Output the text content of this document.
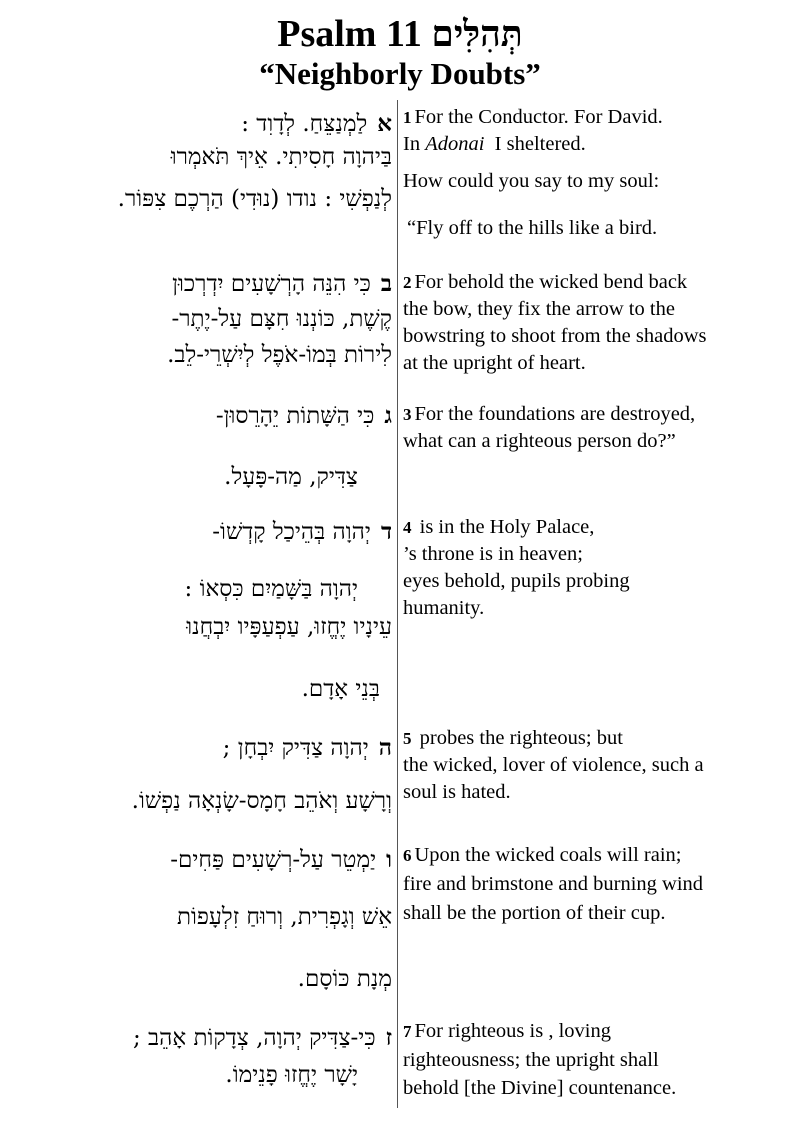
Psalm 11 תְּהִלִּים
“Neighborly Doubts”
אלַמְנַצֵּחַ. לְדָוִד :
בַּיהוָה חָסִיתִי. אֵיךְ תֹּאמְרוּ
לְנַפְשִׁי : נודו (נוּדִי) הַרְכֶם צִפּוֹר.
1 For the Conductor. For David.
In Adonai I sheltered.
How could you say to my soul:
“Fly off to the hills like a bird.
בכִּי הִנֵּה הָרְשָׁעִים יִדְרְכוּן
קֶשֶׁת, כּוֹנְנוּ חִצָּם עַל-יֶתֶר-
לִירוֹת בְּמוֹ-אֹפֶל לְיִשְׁרֵי-לֵב.
2 For behold the wicked bend back
the bow, they fix the arrow to the
bowstring to shoot from the shadows
at the upright of heart.
גכִּי הַשָּׁתוֹת יֵהָרֵסוּן-
צַדִּיק, מַה-פָּעָל.
3 For the foundations are destroyed,
what can a righteous person do?”
דיְהוָה בְּהֵיכַל קָדְשׁוֹ-
יְהוָה בַּשָּׁמַיִם כִּסְאוֹ :
עֵינָיו יֶחֱזוּ, עַפְעַפָּיו יִבְחֲנוּ
בְּנֵי אָדָם.
4 is in the Holy Palace,
’s throne is in heaven;
eyes behold, pupils probing
humanity.
היְהוָה צַדִּיק יִבְחָן ;
וְרָשָׁע וְאֹהֵב חָמָס-שָׂנְאָה נַפְשׁוֹ.
5 probes the righteous; but
the wicked, lover of violence, such a
soul is hated.
ויַמְטֵר עַל-רְשָׁעִים פַּחִים-
אֵשׁ וְגָפְרִית, וְרוּחַ זִלְעָפוֹת
מְנָת כּוֹסָם.
6 Upon the wicked coals will rain;
fire and brimstone and burning wind
shall be the portion of their cup.
זכִּי-צַדִּיק יְהוָה, צְדָקוֹת אָהֵב ;
יָשָׁר יֶחֱזוּ פָנֵימוֹ.
7 For righteous is , loving
righteousness; the upright shall
behold [the Divine] countenance.
